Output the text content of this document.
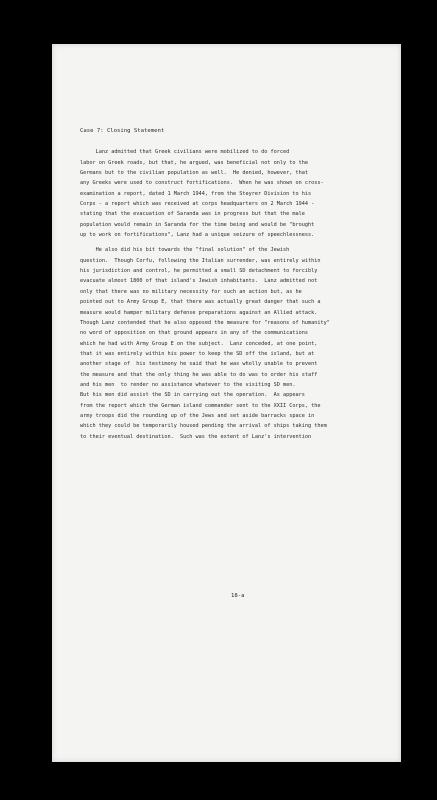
Case 7: Closing Statement
Lanz admitted that Greek civilians were mobilized to do forced
labor on Greek roads, but that, he argued, was beneficial not only to the
Germans but to the civilian population as well.  He denied, however, that
any Greeks were used to construct fortifications.  When he was shown on cross-
examination a report, dated 1 March 1944, from the Steyrer Division to his
Corps - a report which was received at corps headquarters on 2 March 1944 -
stating that the evacuation of Saranda was in progress but that the male
population would remain in Saranda for the time being and would be "brought
up to work on fortifications", Lanz had a unique seizure of speechlessness.
He also did his bit towards the "final solution" of the Jewish
question.  Though Corfu, following the Italian surrender, was entirely within
his jurisdiction and control, he permitted a small SD detachment to forcibly
evacuate almost 1800 of that island's Jewish inhabitants.  Lanz admitted not
only that there was no military necessity for such an action but, as he
pointed out to Army Group E, that there was actually great danger that such a
measure would hamper military defense preparations against an Allied attack.
Though Lanz contended that he also opposed the measure for "reasons of humanity"
no word of opposition on that ground appears in any of the communications
which he had with Army Group E on the subject.  Lanz conceded, at one point,
that it was entirely within his power to keep the SD off the island, but at
another stage of  his testimony he said that he was wholly unable to prevent
the measure and that the only thing he was able to do was to order his staff
and his men  to render no assistance whatever to the visiting SD men.
But his men did assist the SD in carrying out the operation.  As appears
from the report which the German island commander sent to the XXII Corps, the
army troops did the rounding up of the Jews and set aside barracks space in
which they could be temporarily housed pending the arrival of ships taking them
to their eventual destination.  Such was the extent of Lanz's intervention
18-a
